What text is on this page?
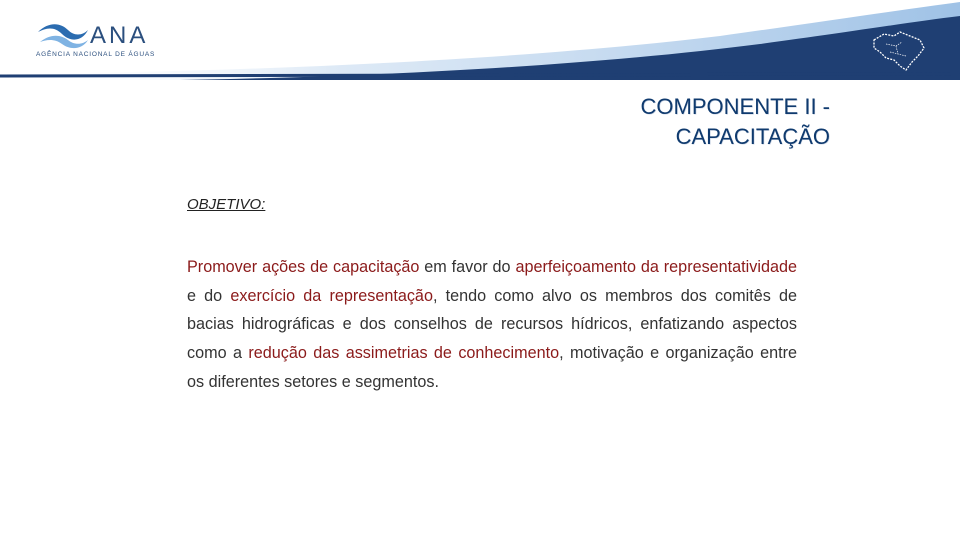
ANA
AGÊNCIA NACIONAL DE ÁGUAS
COMPONENTE II -
CAPACITAÇÃO
OBJETIVO:
Promover ações de capacitação em favor do aperfeiçoamento da representatividade e do exercício da representação, tendo como alvo os membros dos comitês de bacias hidrográficas e dos conselhos de recursos hídricos, enfatizando aspectos como a redução das assimetrias de conhecimento, motivação e organização entre os diferentes setores e segmentos.
